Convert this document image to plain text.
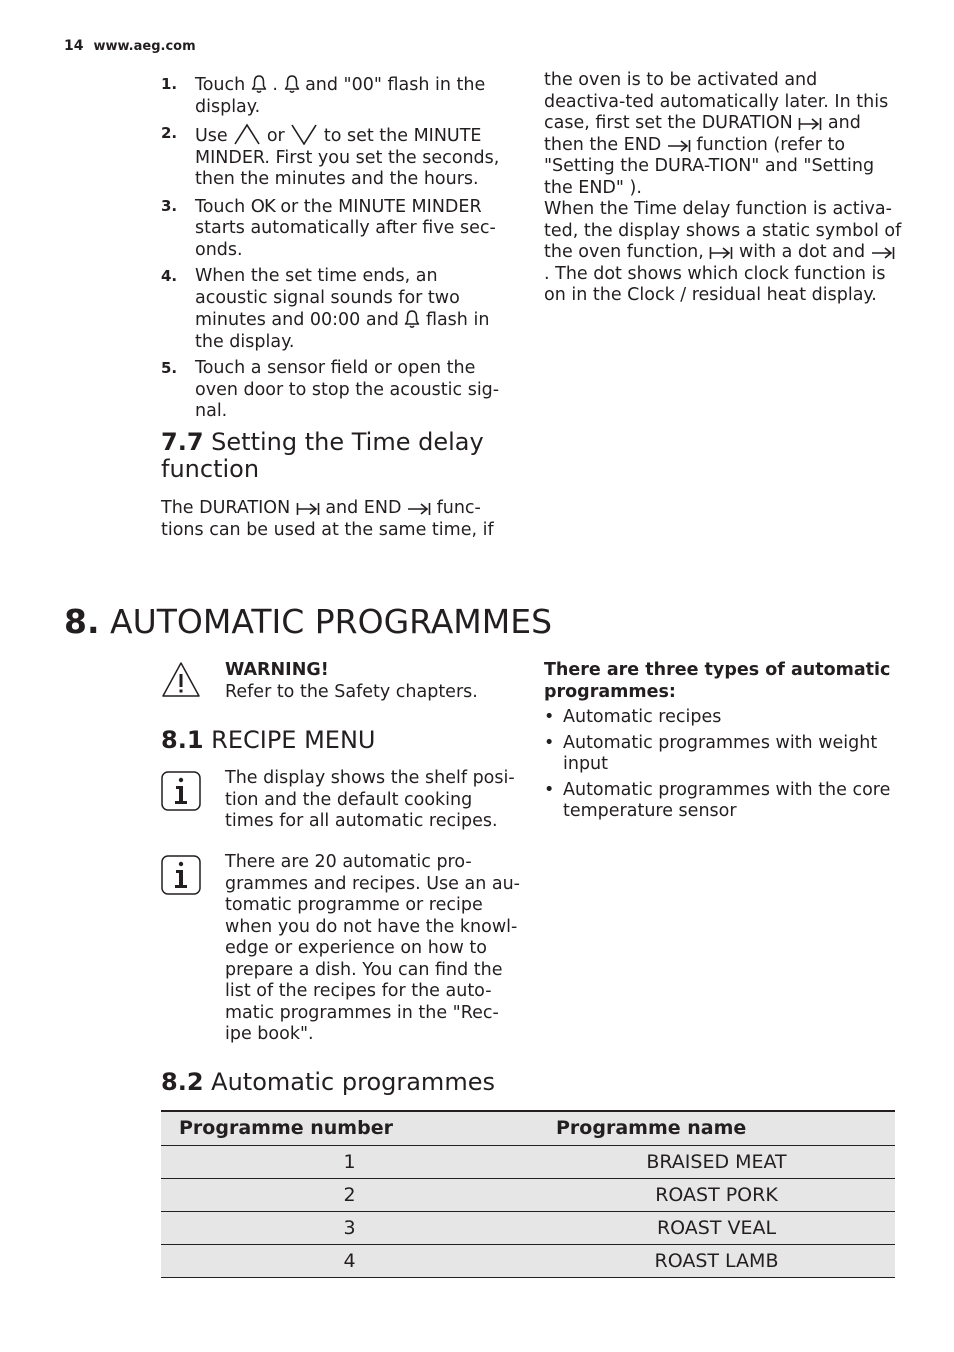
14 www.aeg.com
1.	Touch  .  and "00" flash in the display.
2.	Use  or  to set the MINUTE MINDER. First you set the seconds, then the minutes and the hours.
3.	Touch OK or the MINUTE MINDER starts automatically after five sec-onds.
4.	When the set time ends, an acoustic signal sounds for two minutes and 00:00 and  flash in the display.
5.	Touch a sensor field or open the oven door to stop the acoustic sig-nal.
7.7 Setting the Time delay function
The DURATION  and END  func-tions can be used at the same time, if
the oven is to be activated and deactiva-ted automatically later. In this case, first set the DURATION  and then the END  function (refer to "Setting the DURA-TION" and "Setting the END" ).
When the Time delay function is activa-ted, the display shows a static symbol of the oven function,  with a dot and  . The dot shows which clock function is on in the Clock / residual heat display.
8. AUTOMATIC PROGRAMMES
WARNING!
Refer to the Safety chapters.
8.1 RECIPE MENU
The display shows the shelf posi-tion and the default cooking times for all automatic recipes.
There are 20 automatic pro-grammes and recipes. Use an au-tomatic programme or recipe when you do not have the knowl-edge or experience on how to prepare a dish. You can find the list of the recipes for the auto-matic programmes in the "Rec-ipe book".
There are three types of automatic programmes:
• Automatic recipes
• Automatic programmes with weight input
• Automatic programmes with the core temperature sensor
8.2 Automatic programmes
Programme number	Programme name
1	BRAISED MEAT
2	ROAST PORK
3	ROAST VEAL
4	ROAST LAMB
